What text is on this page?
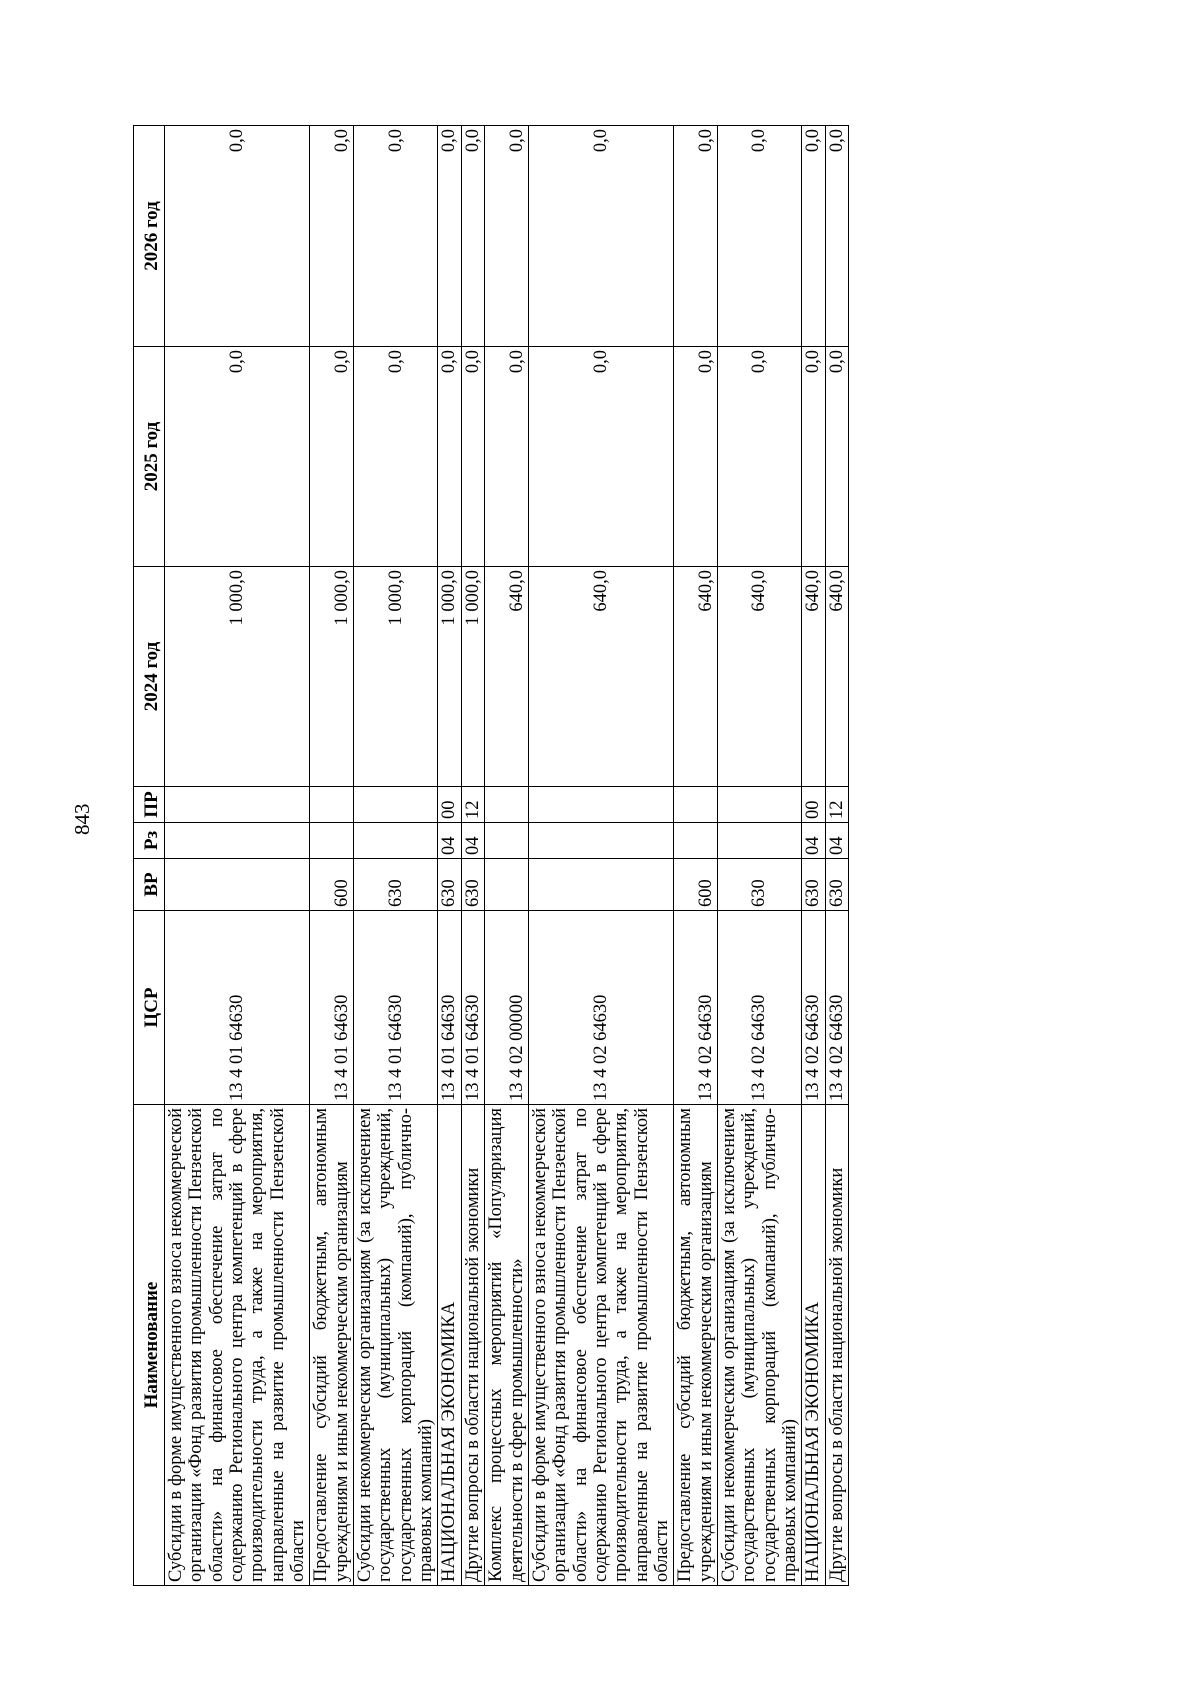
843
Наименование	ЦСР	ВР	Рз	ПР	2024 год	2025 год	2026 год
Субсидии в форме имущественного взноса некоммерческой организации «Фонд развития промышленности Пензенской области» на финансовое обеспечение затрат по содержанию Регионального центра компетенций в сфере производительности труда, а также на мероприятия, направленные на развитие промышленности Пензенской области	13 4 01 64630				1 000,0	0,0	0,0
Предоставление субсидий бюджетным, автономным учреждениям и иным некоммерческим организациям	13 4 01 64630	600			1 000,0	0,0	0,0
Субсидии некоммерческим организациям (за исключением государственных (муниципальных) учреждений, государственных корпораций (компаний), публично-правовых компаний)	13 4 01 64630	630			1 000,0	0,0	0,0
НАЦИОНАЛЬНАЯ ЭКОНОМИКА	13 4 01 64630	630	04	00	1 000,0	0,0	0,0
Другие вопросы в области национальной экономики	13 4 01 64630	630	04	12	1 000,0	0,0	0,0
Комплекс процессных мероприятий «Популяризация деятельности в сфере промышленности»	13 4 02 00000				640,0	0,0	0,0
Субсидии в форме имущественного взноса некоммерческой организации «Фонд развития промышленности Пензенской области» на финансовое обеспечение затрат по содержанию Регионального центра компетенций в сфере производительности труда, а также на мероприятия, направленные на развитие промышленности Пензенской области	13 4 02 64630				640,0	0,0	0,0
Предоставление субсидий бюджетным, автономным учреждениям и иным некоммерческим организациям	13 4 02 64630	600			640,0	0,0	0,0
Субсидии некоммерческим организациям (за исключением государственных (муниципальных) учреждений, государственных корпораций (компаний), публично-правовых компаний)	13 4 02 64630	630			640,0	0,0	0,0
НАЦИОНАЛЬНАЯ ЭКОНОМИКА	13 4 02 64630	630	04	00	640,0	0,0	0,0
Другие вопросы в области национальной экономики	13 4 02 64630	630	04	12	640,0	0,0	0,0
